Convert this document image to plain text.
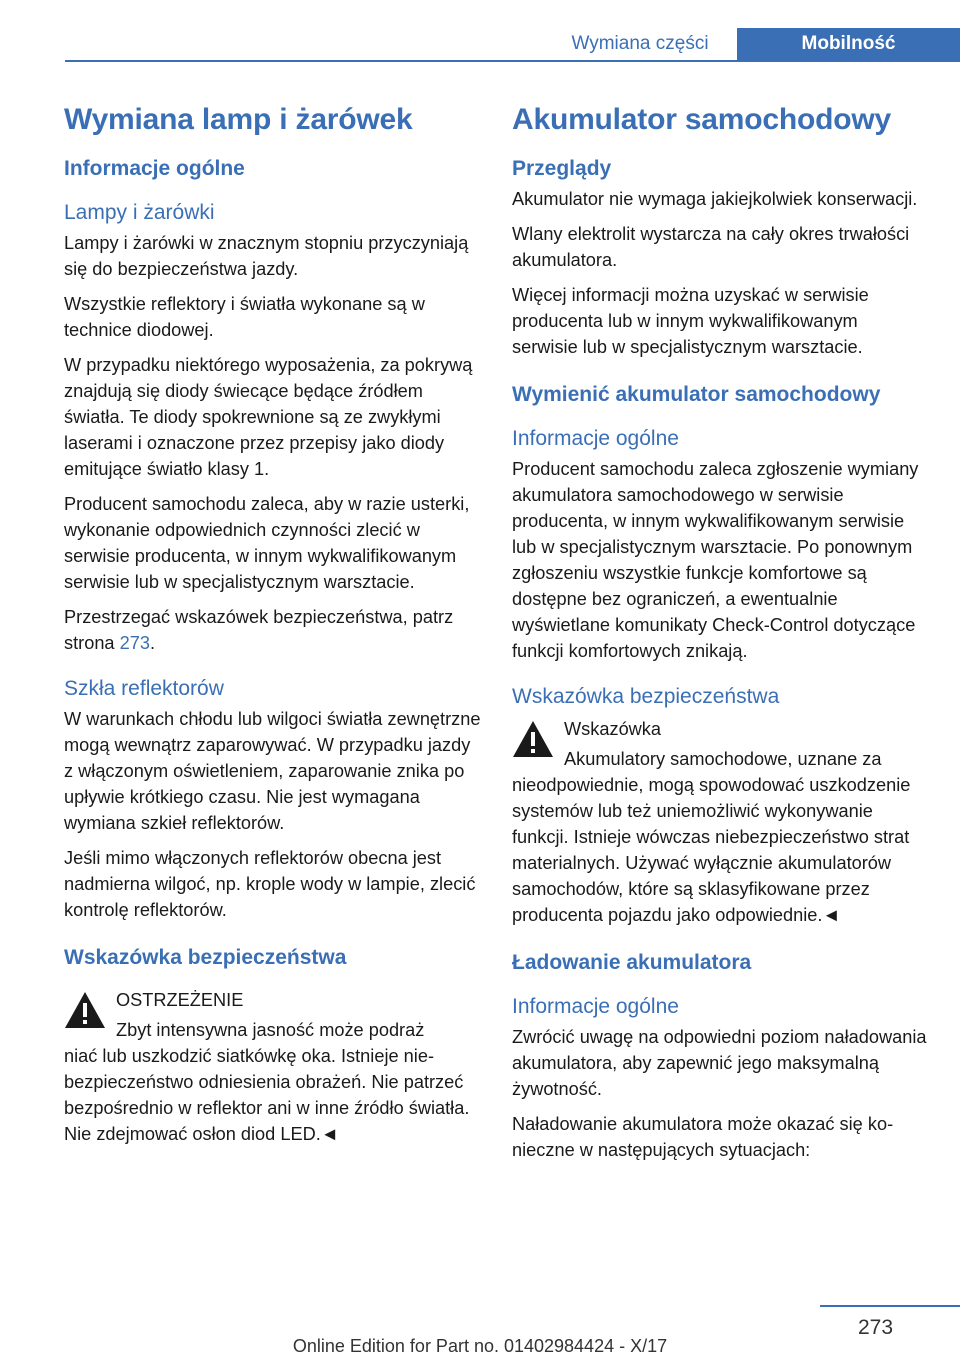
Wymiana części	Mobilność
Wymiana lamp i żarówek
Informacje ogólne
Lampy i żarówki

Lampy i żarówki w znacznym stopniu przyczyniają się do bezpieczeństwa jazdy.

Wszystkie reflektory i światła wykonane są w technice diodowej.

W przypadku niektórego wyposażenia, za pokrywą znajdują się diody świecące będące źródłem światła. Te diody spokrewnione są ze zwykłymi laserami i oznaczone przez przepisy jako diody emitujące światło klasy 1.

Producent samochodu zaleca, aby w razie usterki, wykonanie odpowiednich czynności zlecić w serwisie producenta, w innym wykwalifikowanym serwisie lub w specjalistycznym warsztacie.

Przestrzegać wskazówek bezpieczeństwa, patrz strona 273.

Szkła reflektorów

W warunkach chłodu lub wilgoci światła zewnętrzne mogą wewnątrz zaparowywać. W przypadku jazdy z włączonym oświetleniem, zaparowanie znika po upływie krótkiego czasu. Nie jest wymagana wymiana szkieł reflektorów.

Jeśli mimo włączonych reflektorów obecna jest nadmierna wilgoć, np. krople wody w lampie, zlecić kontrolę reflektorów.

Wskazówka bezpieczeństwa

OSTRZEŻENIE

Zbyt intensywna jasność może podraż

niać lub uszkodzić siatkówkę oka. Istnieje niebezpieczeństwo odniesienia obrażeń. Nie patrzeć bezpośrednio w reflektor ani w inne źródło światła. Nie zdejmować osłon diod LED.◄

Akumulator samochodowy
Przeglądy

Akumulator nie wymaga jakiejkolwiek konserwacji.

Wlany elektrolit wystarcza na cały okres trwałości akumulatora.

Więcej informacji można uzyskać w serwisie producenta lub w innym wykwalifikowanym serwisie lub w specjalistycznym warsztacie.

Wymienić akumulator samochodowy
Informacje ogólne

Producent samochodu zaleca zgłoszenie wymiany akumulatora samochodowego w serwisie producenta, w innym wykwalifikowanym serwisie lub w specjalistycznym warsztacie. Po ponownym zgłoszeniu wszystkie funkcje komfortowe są dostępne bez ograniczeń, a ewentualnie wyświetlane komunikaty Check-Control dotyczące funkcji komfortowych znikają.

Wskazówka bezpieczeństwa

Wskazówka

Akumulatory samochodowe, uznane za

nieodpowiednie, mogą spowodować uszkodzenie systemów lub też uniemożliwić wykonywanie funkcji. Istnieje wówczas niebezpieczeństwo strat materialnych. Używać wyłącznie akumulatorów samochodów, które są sklasyfikowane przez producenta pojazdu jako odpowiednie.◄

Ładowanie akumulatora
Informacje ogólne

Zwrócić uwagę na odpowiedni poziom naładowania akumulatora, aby zapewnić jego maksymalną żywotność.

Naładowanie akumulatora może okazać się konieczne w następujących sytuacjach:

273
Online Edition for Part no. 01402984424 - X/17
